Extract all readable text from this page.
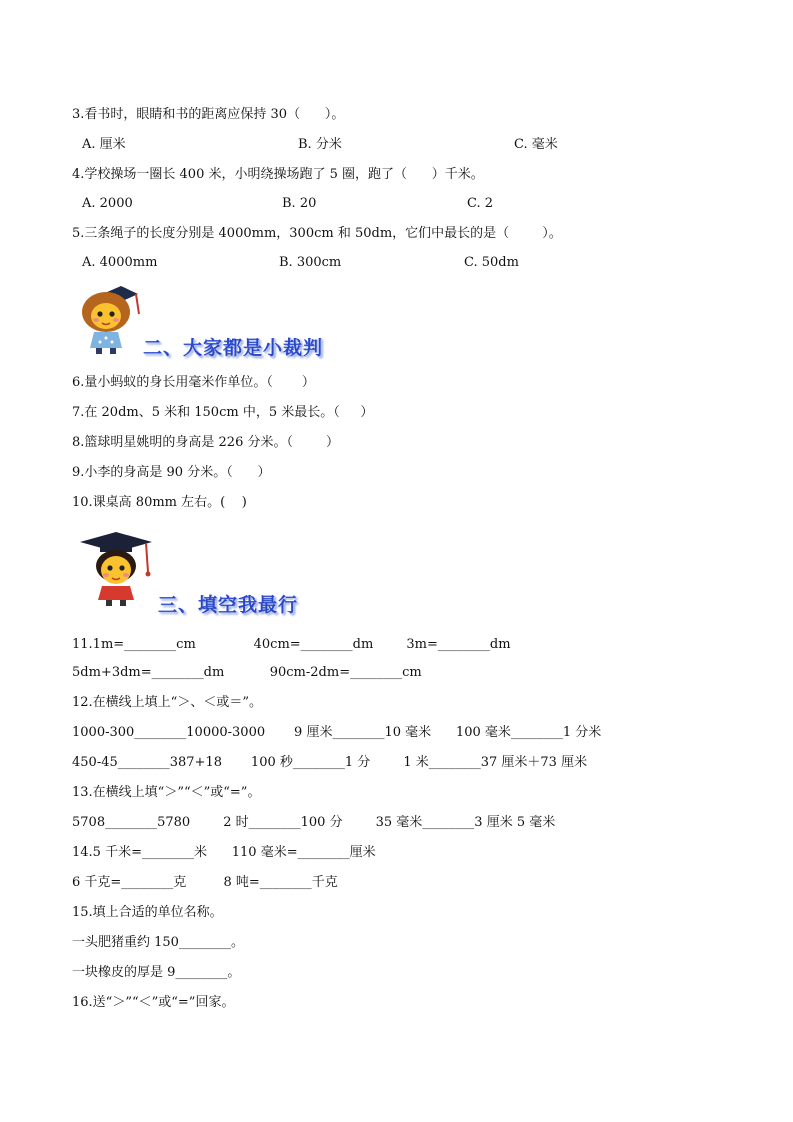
3.看书时，眼睛和书的距离应保持 30（      ）。
A. 厘米	B. 分米	C. 毫米
4.学校操场一圈长 400 米，小明绕操场跑了 5 圈，跑了（      ）千米。
A. 2000	B. 20	C. 2
5.三条绳子的长度分别是 4000mm，300cm 和 50dm，它们中最长的是（        ）。
A. 4000mm	B. 300cm	C. 50dm
二、大家都是小裁判
6.量小蚂蚁的身长用毫米作单位。（       ）
7.在 20dm、5 米和 150cm 中，5 米最长。（     ）
8.篮球明星姚明的身高是 226 分米。（        ）
9.小李的身高是 90 分米。（      ）
10.课桌高 80mm 左右。(    )
三、填空我最行
11.1m=________cm              40cm=________dm        3m=________dm
5dm+3dm=________dm           90cm-2dm=________cm
12.在横线上填上“＞、＜或＝”。
1000-300________10000-3000       9 厘米________10 毫米      100 毫米________1 分米
450-45________387+18       100 秒________1 分        1 米________37 厘米＋73 厘米
13.在横线上填“＞”“＜”或“=”。
5708________5780        2 时________100 分        35 毫米________3 厘米 5 毫米
14.5 千米=________米      110 毫米=________厘米
6 千克=________克         8 吨=________千克
15.填上合适的单位名称。
一头肥猪重约 150________。
一块橡皮的厚是 9________。
16.送“＞”“＜”或“=”回家。
